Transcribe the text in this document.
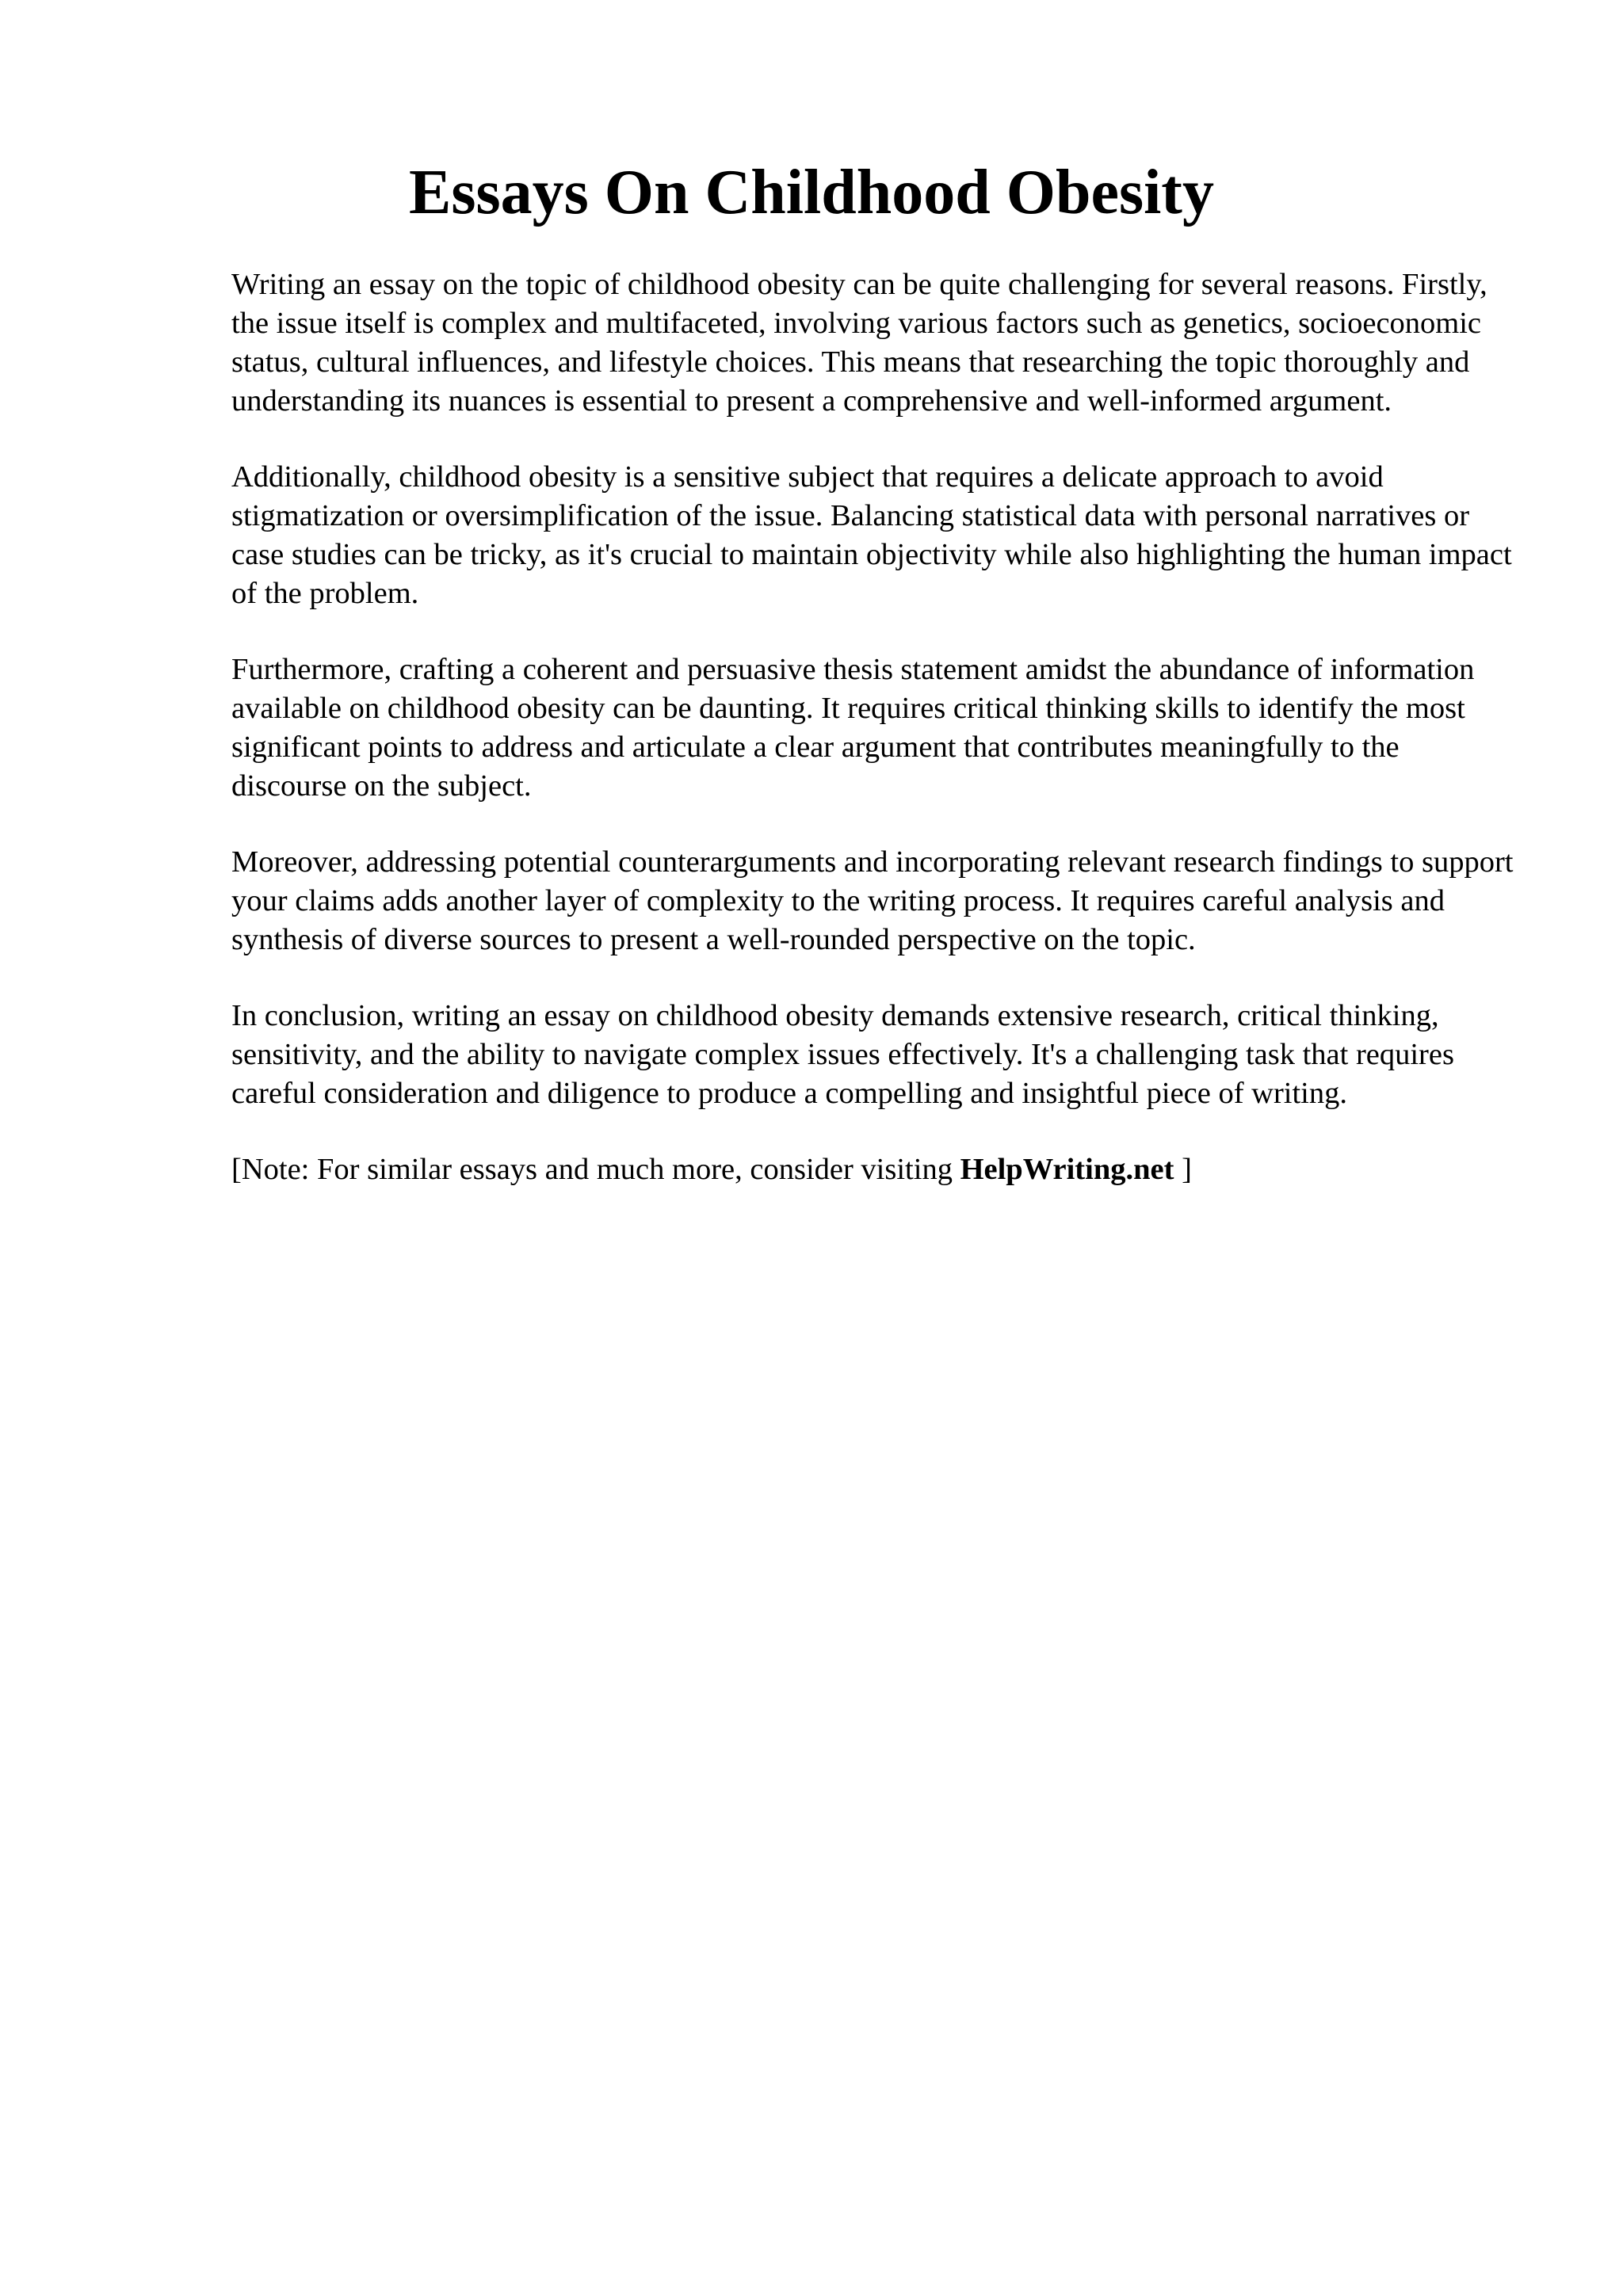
Essays On Childhood Obesity

Writing an essay on the topic of childhood obesity can be quite challenging for several reasons. Firstly, the issue itself is complex and multifaceted, involving various factors such as genetics, socioeconomic status, cultural influences, and lifestyle choices. This means that researching the topic thoroughly and understanding its nuances is essential to present a comprehensive and well-informed argument.

Additionally, childhood obesity is a sensitive subject that requires a delicate approach to avoid stigmatization or oversimplification of the issue. Balancing statistical data with personal narratives or case studies can be tricky, as it's crucial to maintain objectivity while also highlighting the human impact of the problem.

Furthermore, crafting a coherent and persuasive thesis statement amidst the abundance of information available on childhood obesity can be daunting. It requires critical thinking skills to identify the most significant points to address and articulate a clear argument that contributes meaningfully to the discourse on the subject.

Moreover, addressing potential counterarguments and incorporating relevant research findings to support your claims adds another layer of complexity to the writing process. It requires careful analysis and synthesis of diverse sources to present a well-rounded perspective on the topic.

In conclusion, writing an essay on childhood obesity demands extensive research, critical thinking, sensitivity, and the ability to navigate complex issues effectively. It's a challenging task that requires careful consideration and diligence to produce a compelling and insightful piece of writing.

[Note: For similar essays and much more, consider visiting HelpWriting.net ]
